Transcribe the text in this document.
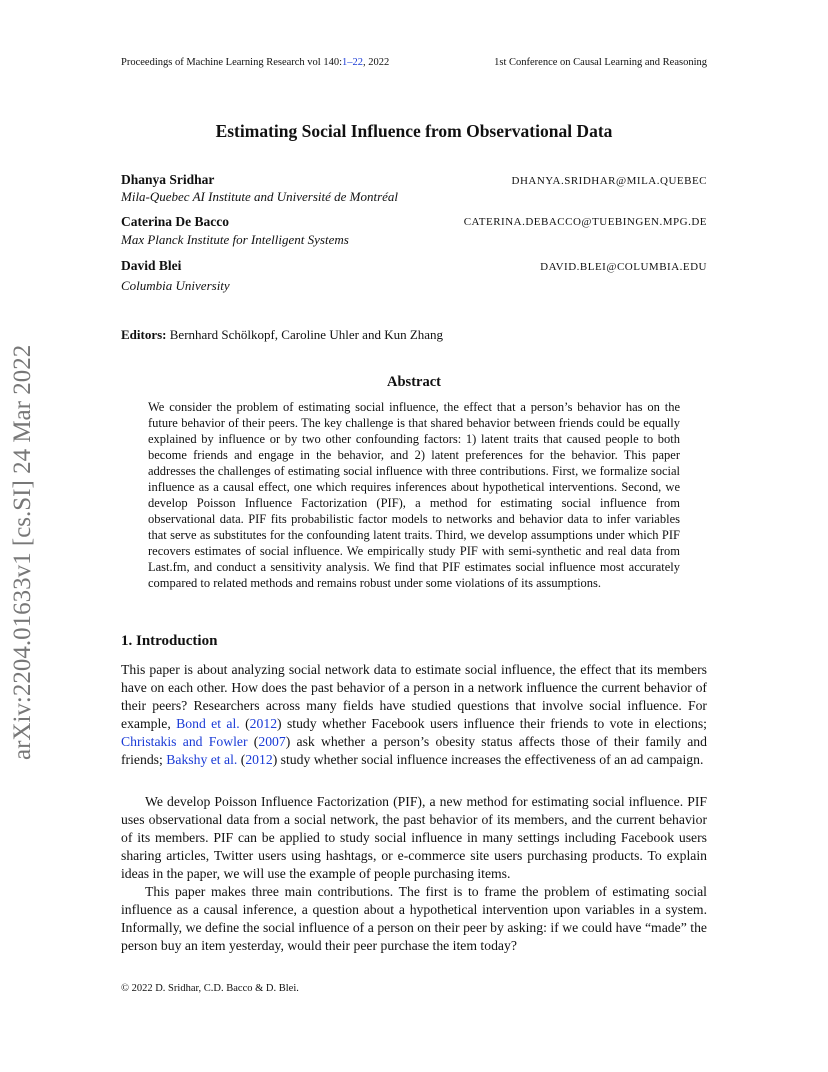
Proceedings of Machine Learning Research vol 140:1–22, 2022	1st Conference on Causal Learning and Reasoning
arXiv:2204.01633v1 [cs.SI] 24 Mar 2022
Estimating Social Influence from Observational Data
Dhanya Sridhar	DHANYA.SRIDHAR@MILA.QUEBEC
Mila-Quebec AI Institute and Université de Montréal
Caterina De Bacco	CATERINA.DEBACCO@TUEBINGEN.MPG.DE
Max Planck Institute for Intelligent Systems
David Blei	DAVID.BLEI@COLUMBIA.EDU
Columbia University
Editors: Bernhard Schölkopf, Caroline Uhler and Kun Zhang
Abstract
We consider the problem of estimating social influence, the effect that a person’s behavior has on the future behavior of their peers. The key challenge is that shared behavior between friends could be equally explained by influence or by two other confounding factors: 1) latent traits that caused people to both become friends and engage in the behavior, and 2) latent preferences for the behavior. This paper addresses the challenges of estimating social influence with three contributions. First, we formalize social influence as a causal effect, one which requires inferences about hypothetical interventions. Second, we develop Poisson Influence Factorization (PIF), a method for estimating social influence from observational data. PIF fits probabilistic factor models to networks and behavior data to infer variables that serve as substitutes for the confounding latent traits. Third, we develop assumptions under which PIF recovers estimates of social influence. We empirically study PIF with semi-synthetic and real data from Last.fm, and conduct a sensitivity analysis. We find that PIF estimates social influence most accurately compared to related methods and remains robust under some violations of its assumptions.
1. Introduction

This paper is about analyzing social network data to estimate social influence, the effect that its members have on each other. How does the past behavior of a person in a network influence the current behavior of their peers? Researchers across many fields have studied questions that involve social influence. For example, Bond et al. (2012) study whether Facebook users influence their friends to vote in elections; Christakis and Fowler (2007) ask whether a person’s obesity status affects those of their family and friends; Bakshy et al. (2012) study whether social influence increases the effectiveness of an ad campaign.

We develop Poisson Influence Factorization (PIF), a new method for estimating social influence. PIF uses observational data from a social network, the past behavior of its members, and the current behavior of its members. PIF can be applied to study social influence in many settings including Facebook users sharing articles, Twitter users using hashtags, or e-commerce site users purchasing products. To explain ideas in the paper, we will use the example of people purchasing items.

This paper makes three main contributions. The first is to frame the problem of estimating social influence as a causal inference, a question about a hypothetical intervention upon variables in a system. Informally, we define the social influence of a person on their peer by asking: if we could have “made” the person buy an item yesterday, would their peer purchase the item today?

© 2022 D. Sridhar, C.D. Bacco & D. Blei.
